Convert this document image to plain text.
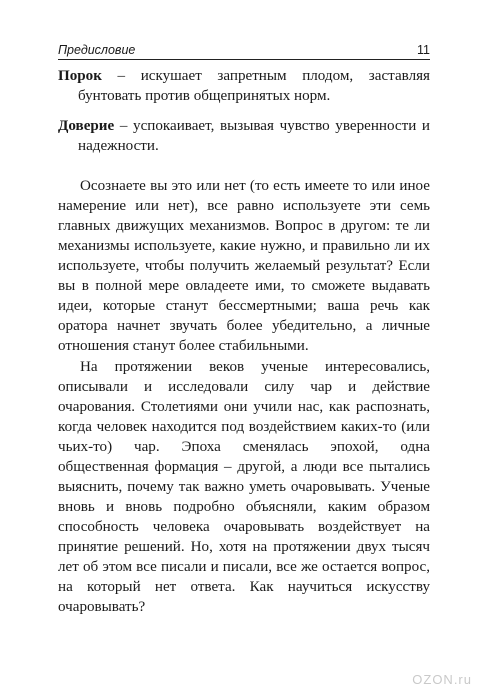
Предисловие	11

Порок – искушает запретным плодом, заставляя бунтовать против общепринятых норм.

Доверие – успокаивает, вызывая чувство уверенности и надежности.

Осознаете вы это или нет (то есть имеете то или иное намерение или нет), все равно используете эти семь главных движущих механизмов. Вопрос в другом: те ли механизмы используете, какие нужно, и правильно ли их используете, чтобы получить желаемый результат? Если вы в полной мере овладеете ими, то сможете выдавать идеи, которые станут бессмертными; ваша речь как оратора начнет звучать более убедительно, а личные отношения станут более стабильными.

На протяжении веков ученые интересовались, описывали и исследовали силу чар и действие очарования. Столетиями они учили нас, как распознать, когда человек находится под воздействием каких-то (или чьих-то) чар. Эпоха сменялась эпохой, одна общественная формация – другой, а люди все пытались выяснить, почему так важно уметь очаровывать. Ученые вновь и вновь подробно объясняли, каким образом способность человека очаровывать воздействует на принятие решений. Но, хотя на протяжении двух тысяч лет об этом все писали и писали, все же остается вопрос, на который нет ответа. Как научиться искусству очаровывать?

OZON.ru
